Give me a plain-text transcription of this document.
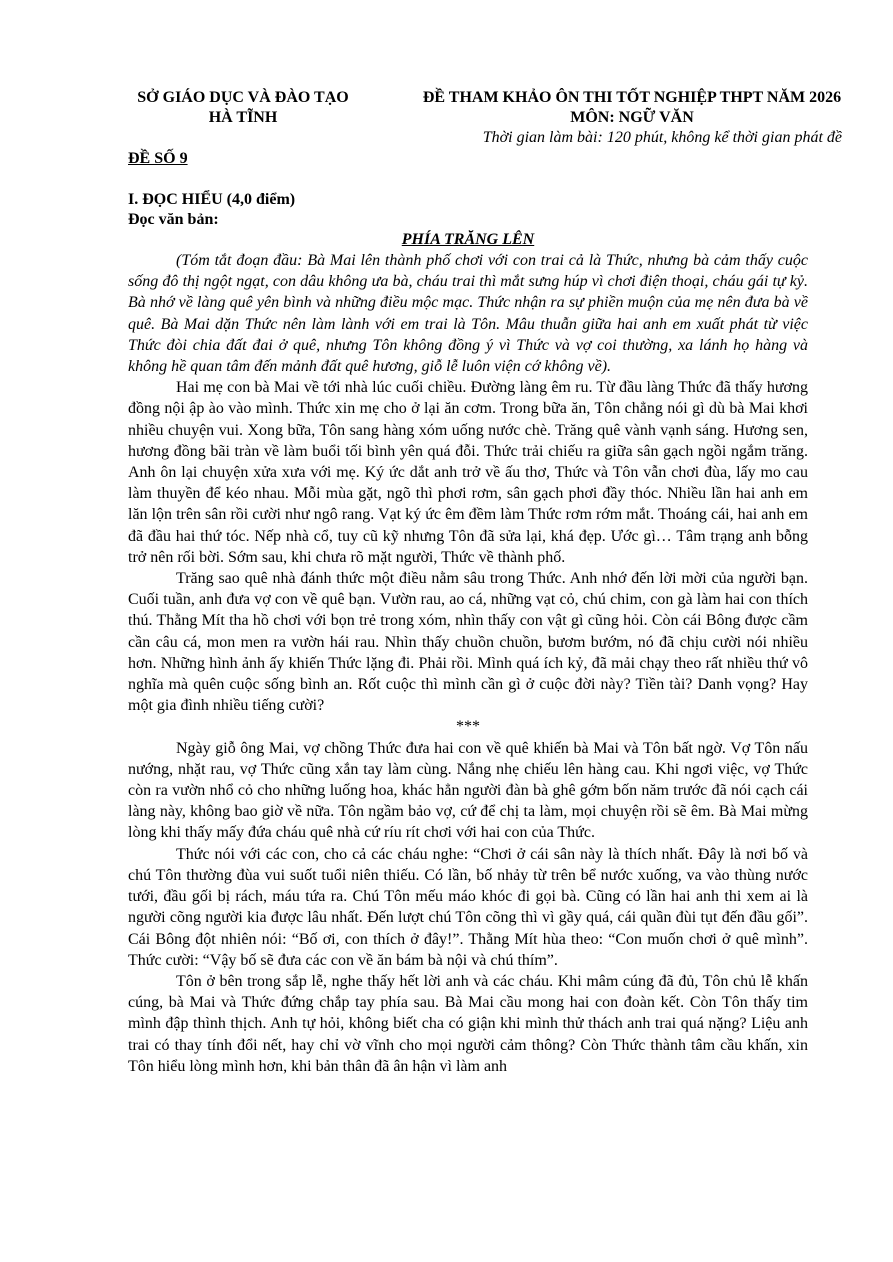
SỞ GIÁO DỤC VÀ ĐÀO TẠO
HÀ TĨNH
ĐỀ THAM KHẢO ÔN THI TỐT NGHIỆP THPT NĂM 2026
MÔN: NGỮ VĂN
Thời gian làm bài: 120 phút, không kể thời gian phát đề
ĐỀ SỐ 9
I. ĐỌC HIỂU (4,0 điểm)
Đọc văn bản:
PHÍA TRĂNG LÊN

(Tóm tắt đoạn đầu: Bà Mai lên thành phố chơi với con trai cả là Thức, nhưng bà cảm thấy cuộc sống đô thị ngột ngạt, con dâu không ưa bà, cháu trai thì mắt sưng húp vì chơi điện thoại, cháu gái tự kỷ. Bà nhớ về làng quê yên bình và những điều mộc mạc. Thức nhận ra sự phiền muộn của mẹ nên đưa bà về quê. Bà Mai dặn Thức nên làm lành với em trai là Tôn. Mâu thuẫn giữa hai anh em xuất phát từ việc Thức đòi chia đất đai ở quê, nhưng Tôn không đồng ý vì Thức và vợ coi thường, xa lánh họ hàng và không hề quan tâm đến mảnh đất quê hương, giỗ lễ luôn viện cớ không về).

Hai mẹ con bà Mai về tới nhà lúc cuối chiều. Đường làng êm ru. Từ đầu làng Thức đã thấy hương đồng nội ập ào vào mình. Thức xin mẹ cho ở lại ăn cơm. Trong bữa ăn, Tôn chẳng nói gì dù bà Mai khơi nhiều chuyện vui. Xong bữa, Tôn sang hàng xóm uống nước chè. Trăng quê vành vạnh sáng. Hương sen, hương đồng bãi tràn về làm buổi tối bình yên quá đỗi. Thức trải chiếu ra giữa sân gạch ngồi ngắm trăng. Anh ôn lại chuyện xửa xưa với mẹ. Ký ức dắt anh trở về ấu thơ, Thức và Tôn vẫn chơi đùa, lấy mo cau làm thuyền để kéo nhau. Mỗi mùa gặt, ngõ thì phơi rơm, sân gạch phơi đầy thóc. Nhiều lần hai anh em lăn lộn trên sân rồi cười như ngô rang. Vạt ký ức êm đềm làm Thức rơm rớm mắt. Thoáng cái, hai anh em đã đầu hai thứ tóc. Nếp nhà cổ, tuy cũ kỹ nhưng Tôn đã sửa lại, khá đẹp. Ước gì… Tâm trạng anh bỗng trở nên rối bời. Sớm sau, khi chưa rõ mặt người, Thức về thành phố.

Trăng sao quê nhà đánh thức một điều nằm sâu trong Thức. Anh nhớ đến lời mời của người bạn. Cuối tuần, anh đưa vợ con về quê bạn. Vườn rau, ao cá, những vạt cỏ, chú chim, con gà làm hai con thích thú. Thằng Mít tha hồ chơi với bọn trẻ trong xóm, nhìn thấy con vật gì cũng hỏi. Còn cái Bông được cầm cần câu cá, mon men ra vườn hái rau. Nhìn thấy chuồn chuồn, bươm bướm, nó đã chịu cười nói nhiều hơn. Những hình ảnh ấy khiến Thức lặng đi. Phải rồi. Mình quá ích kỷ, đã mải chạy theo rất nhiều thứ vô nghĩa mà quên cuộc sống bình an. Rốt cuộc thì mình cần gì ở cuộc đời này? Tiền tài? Danh vọng? Hay một gia đình nhiều tiếng cười?

***

Ngày giỗ ông Mai, vợ chồng Thức đưa hai con về quê khiến bà Mai và Tôn bất ngờ. Vợ Tôn nấu nướng, nhặt rau, vợ Thức cũng xắn tay làm cùng. Nắng nhẹ chiếu lên hàng cau. Khi ngơi việc, vợ Thức còn ra vườn nhổ cỏ cho những luống hoa, khác hẳn người đàn bà ghê gớm bốn năm trước đã nói cạch cái làng này, không bao giờ về nữa. Tôn ngầm bảo vợ, cứ để chị ta làm, mọi chuyện rồi sẽ êm. Bà Mai mừng lòng khi thấy mấy đứa cháu quê nhà cứ ríu rít chơi với hai con của Thức.

Thức nói với các con, cho cả các cháu nghe: “Chơi ở cái sân này là thích nhất. Đây là nơi bố và chú Tôn thường đùa vui suốt tuổi niên thiếu. Có lần, bố nhảy từ trên bể nước xuống, va vào thùng nước tưới, đầu gối bị rách, máu tứa ra. Chú Tôn mếu máo khóc đi gọi bà. Cũng có lần hai anh thi xem ai là người cõng người kia được lâu nhất. Đến lượt chú Tôn cõng thì vì gầy quá, cái quần đùi tụt đến đầu gối”. Cái Bông đột nhiên nói: “Bố ơi, con thích ở đây!”. Thằng Mít hùa theo: “Con muốn chơi ở quê mình”. Thức cười: “Vậy bố sẽ đưa các con về ăn bám bà nội và chú thím”.

Tôn ở bên trong sắp lễ, nghe thấy hết lời anh và các cháu. Khi mâm cúng đã đủ, Tôn chủ lễ khấn cúng, bà Mai và Thức đứng chắp tay phía sau. Bà Mai cầu mong hai con đoàn kết. Còn Tôn thấy tim mình đập thình thịch. Anh tự hỏi, không biết cha có giận khi mình thử thách anh trai quá nặng? Liệu anh trai có thay tính đổi nết, hay chỉ vờ vĩnh cho mọi người cảm thông? Còn Thức thành tâm cầu khấn, xin Tôn hiểu lòng mình hơn, khi bản thân đã ân hận vì làm anh
